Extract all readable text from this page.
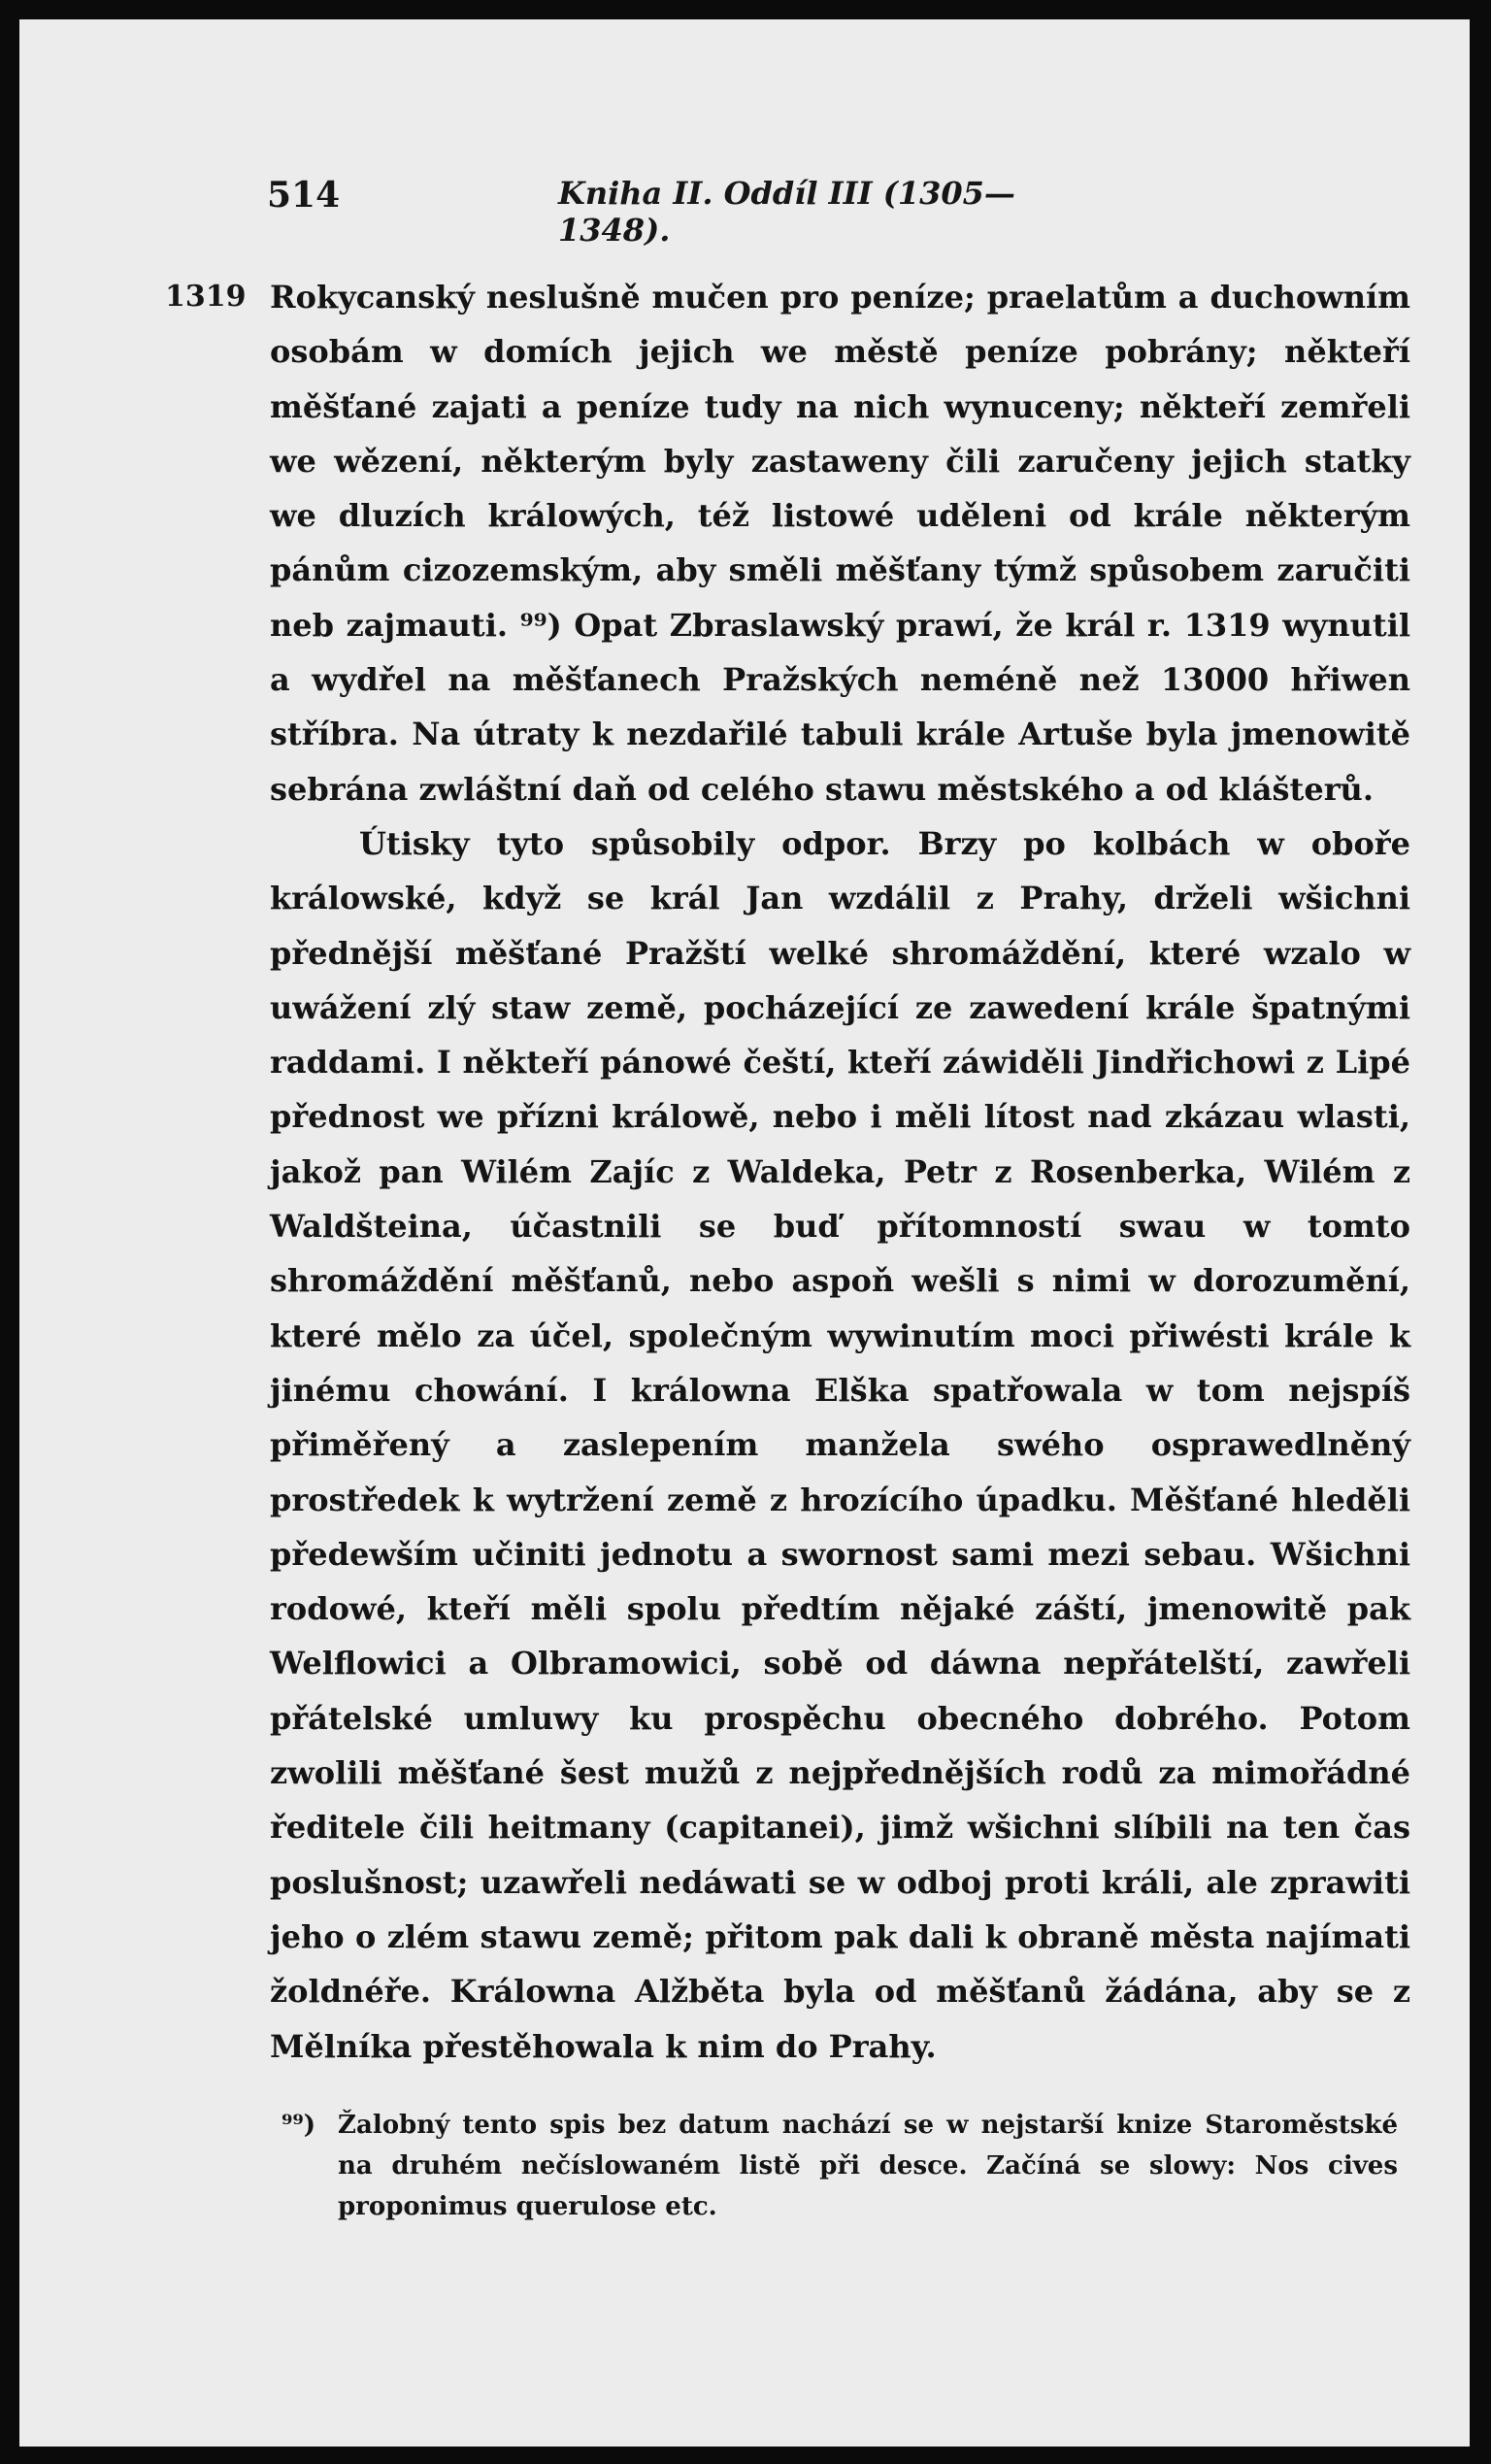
514	Kniha II. Oddíl III (1305—1348).
1319 Rokycanský neslušně mučen pro peníze; praelatům a duchowním osobám w domích jejich we městě peníze pobrány; někteří měšťané zajati a peníze tudy na nich wynuceny; někteří zemřeli we wězení, některým byly zastaweny čili zaručeny jejich statky we dluzích králowých, též listowé uděleni od krále některým pánům cizozemským, aby směli měšťany týmž spůsobem zaručiti neb zajmauti. ⁹⁹) Opat Zbraslawský prawí, že král r. 1319 wynutil a wydřel na měšťanech Pražských neméně než 13000 hřiwen stříbra. Na útraty k nezdařilé tabuli krále Artuše byla jmenowitě sebrána zwláštní daň od celého stawu městského a od klášterů.

Útisky tyto spůsobily odpor. Brzy po kolbách w oboře králowské, když se král Jan wzdálil z Prahy, drželi wšichni přednější měšťané Pražští welké shromáždění, které wzalo w uwážení zlý staw země, pocházející ze zawedení krále špatnými raddami. I někteří pánowé čeští, kteří záwiděli Jindřichowi z Lipé přednost we přízni králowě, nebo i měli lítost nad zkázau wlasti, jakož pan Wilém Zajíc z Waldeka, Petr z Rosenberka, Wilém z Waldšteina, účastnili se buď přítomností swau w tomto shromáždění měšťanů, nebo aspoň wešli s nimi w dorozumění, které mělo za účel, společným wywinutím moci přiwésti krále k jinému chowání. I králowna Elška spatřowala w tom nejspíš přiměřený a zaslepením manžela swého osprawedlněný prostředek k wytržení země z hrozícího úpadku. Měšťané hleděli předewším učiniti jednotu a swornost sami mezi sebau. Wšichni rodowé, kteří měli spolu předtím nějaké záští, jmenowitě pak Welflowici a Olbramowici, sobě od dáwna nepřátelští, zawřeli přátelské umluwy ku prospěchu obecného dobrého. Potom zwolili měšťané šest mužů z nejpřednějších rodů za mimořádné ředitele čili heitmany (capitanei), jimž wšichni slíbili na ten čas poslušnost; uzawřeli nedáwati se w odboj proti králi, ale zprawiti jeho o zlém stawu země; přitom pak dali k obraně města najímati žoldnéře. Králowna Alžběta byla od měšťanů žádána, aby se z Mělníka přestěhowala k nim do Prahy.

⁹⁹) Žalobný tento spis bez datum nachází se w nejstarší knize Staroměstské na druhém nečíslowaném listě při desce. Začíná se slowy: Nos cives proponimus querulose etc.
